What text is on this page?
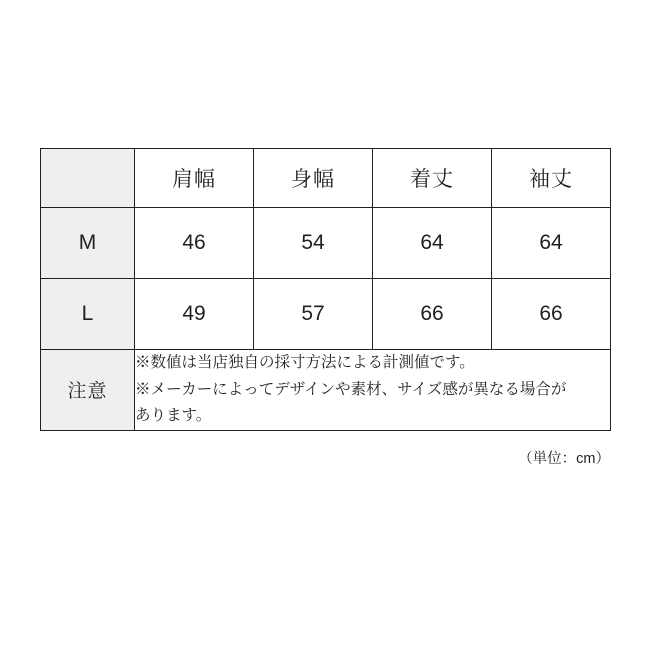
	肩幅	身幅	着丈	袖丈
M	46	54	64	64
L	49	57	66	66
注意	※数値は当店独自の採寸方法による計測値です。

※メーカーによってデザインや素材、サイズ感が異なる場合が

あります。			

（単位：cm）
